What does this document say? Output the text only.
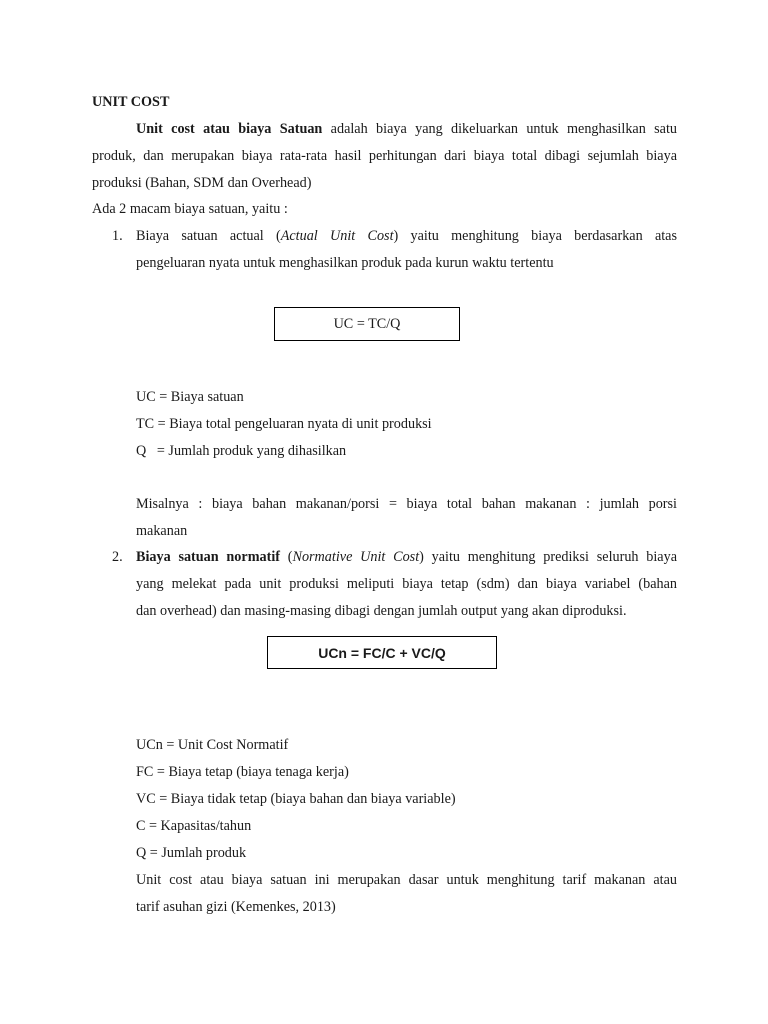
UNIT COST
Unit cost atau biaya Satuan adalah biaya yang dikeluarkan untuk menghasilkan satu
produk, dan merupakan biaya rata-rata hasil perhitungan dari biaya total dibagi sejumlah biaya
produksi (Bahan, SDM dan Overhead)
Ada 2 macam biaya satuan, yaitu :
1. Biaya satuan actual (Actual Unit Cost) yaitu menghitung biaya berdasarkan atas
pengeluaran nyata untuk menghasilkan produk pada kurun waktu tertentu
UC = TC/Q
UC = Biaya satuan
TC = Biaya total pengeluaran nyata di unit produksi
Q   = Jumlah produk yang dihasilkan
Misalnya : biaya bahan makanan/porsi = biaya total bahan makanan : jumlah porsi
makanan
2. Biaya satuan normatif (Normative Unit Cost) yaitu menghitung prediksi seluruh biaya
yang melekat pada unit produksi meliputi biaya tetap (sdm) dan biaya variabel (bahan
dan overhead) dan masing-masing dibagi dengan jumlah output yang akan diproduksi.
UCn = FC/C + VC/Q
UCn = Unit Cost Normatif
FC = Biaya tetap (biaya tenaga kerja)
VC = Biaya tidak tetap (biaya bahan dan biaya variable)
C = Kapasitas/tahun
Q = Jumlah produk
Unit cost atau biaya satuan ini merupakan dasar untuk menghitung tarif makanan atau
tarif asuhan gizi (Kemenkes, 2013)
